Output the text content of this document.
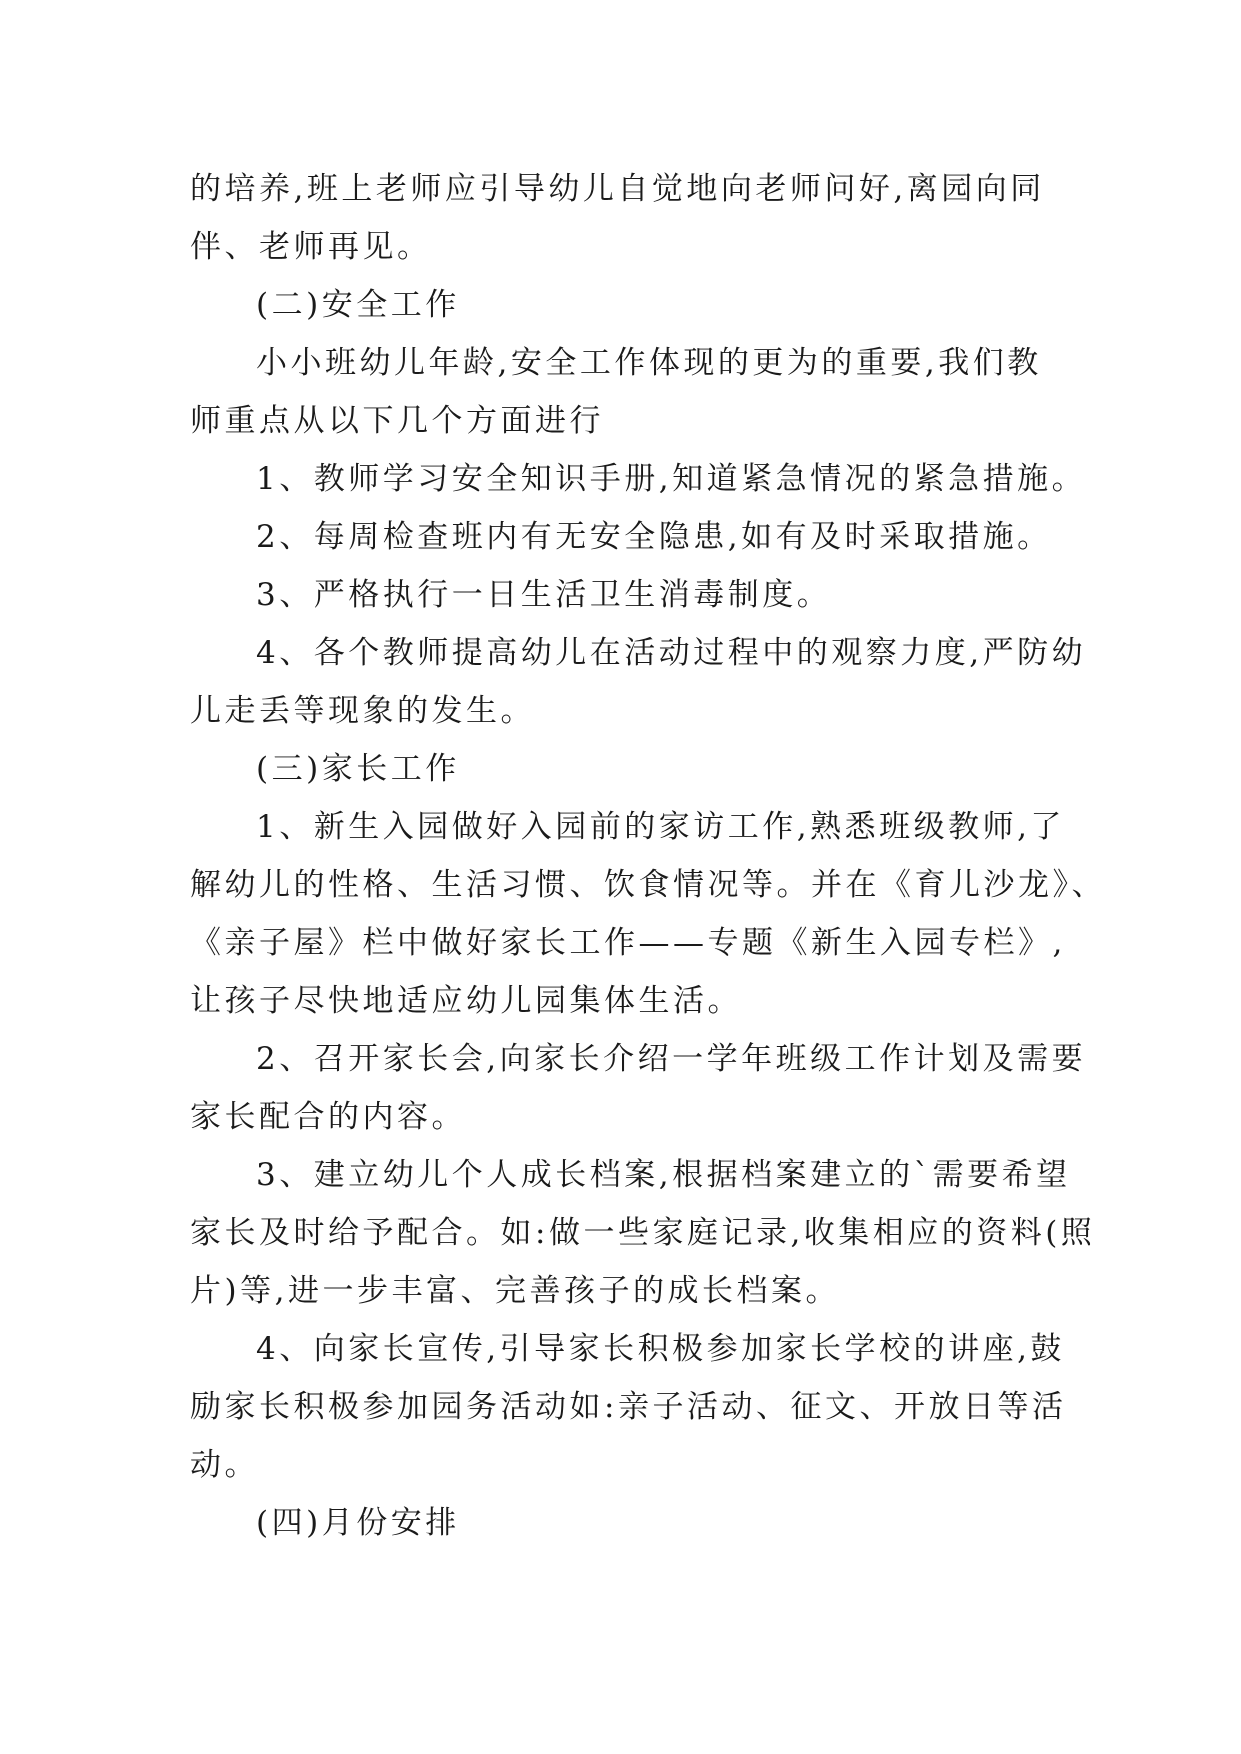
的培养,班上老师应引导幼儿自觉地向老师问好,离园向同
伴、老师再见。
(二)安全工作
小小班幼儿年龄,安全工作体现的更为的重要,我们教
师重点从以下几个方面进行
1、教师学习安全知识手册,知道紧急情况的紧急措施。
2、每周检查班内有无安全隐患,如有及时采取措施。
3、严格执行一日生活卫生消毒制度。
4、各个教师提高幼儿在活动过程中的观察力度,严防幼
儿走丢等现象的发生。
(三)家长工作
1、新生入园做好入园前的家访工作,熟悉班级教师,了
解幼儿的性格、生活习惯、饮食情况等。并在《育儿沙龙》、
《亲子屋》栏中做好家长工作——专题《新生入园专栏》,
让孩子尽快地适应幼儿园集体生活。
2、召开家长会,向家长介绍一学年班级工作计划及需要
家长配合的内容。
3、建立幼儿个人成长档案,根据档案建立的`需要希望
家长及时给予配合。如:做一些家庭记录,收集相应的资料(照
片)等,进一步丰富、完善孩子的成长档案。
4、向家长宣传,引导家长积极参加家长学校的讲座,鼓
励家长积极参加园务活动如:亲子活动、征文、开放日等活
动。
(四)月份安排
